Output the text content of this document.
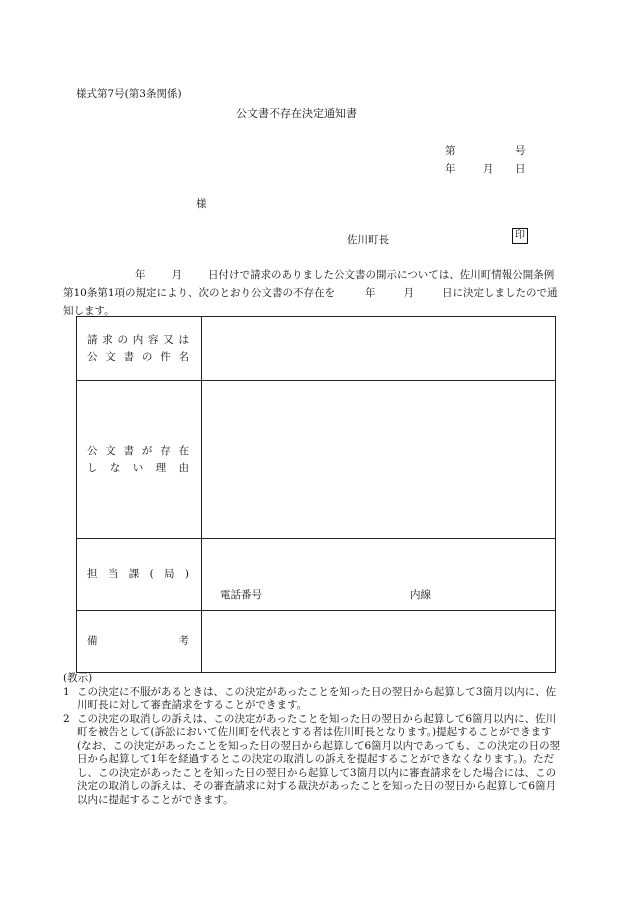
様式第7号(第3条関係)
公文書不存在決定通知書
第	号
年	月 日
様
佐川町長	印
年 月 日付けで請求のありました公文書の開示については、佐川町情報公開条例第10条第1項の規定により、次のとおり公文書の不存在を	年	月	日に決定しましたので通知します。
請求の内容又は
公文書の件名	

公文書が存在
しない理由	

担当課(局)	電話番号 内線

備考	

(教示)
1 この決定に不服があるときは、この決定があったことを知った日の翌日から起算して3箇月以内に、佐川町長に対して審査請求をすることができます。
2 この決定の取消しの訴えは、この決定があったことを知った日の翌日から起算して6箇月以内に、佐川町を被告として(訴訟において佐川町を代表とする者は佐川町長となります。)提起することができます(なお、この決定があったことを知った日の翌日から起算して6箇月以内であっても、この決定の日の翌日から起算して1年を経過するとこの決定の取消しの訴えを提起することができなくなります。)。ただし、この決定があったことを知った日の翌日から起算して3箇月以内に審査請求をした場合には、この決定の取消しの訴えは、その審査請求に対する裁決があったことを知った日の翌日から起算して6箇月以内に提起することができます。
